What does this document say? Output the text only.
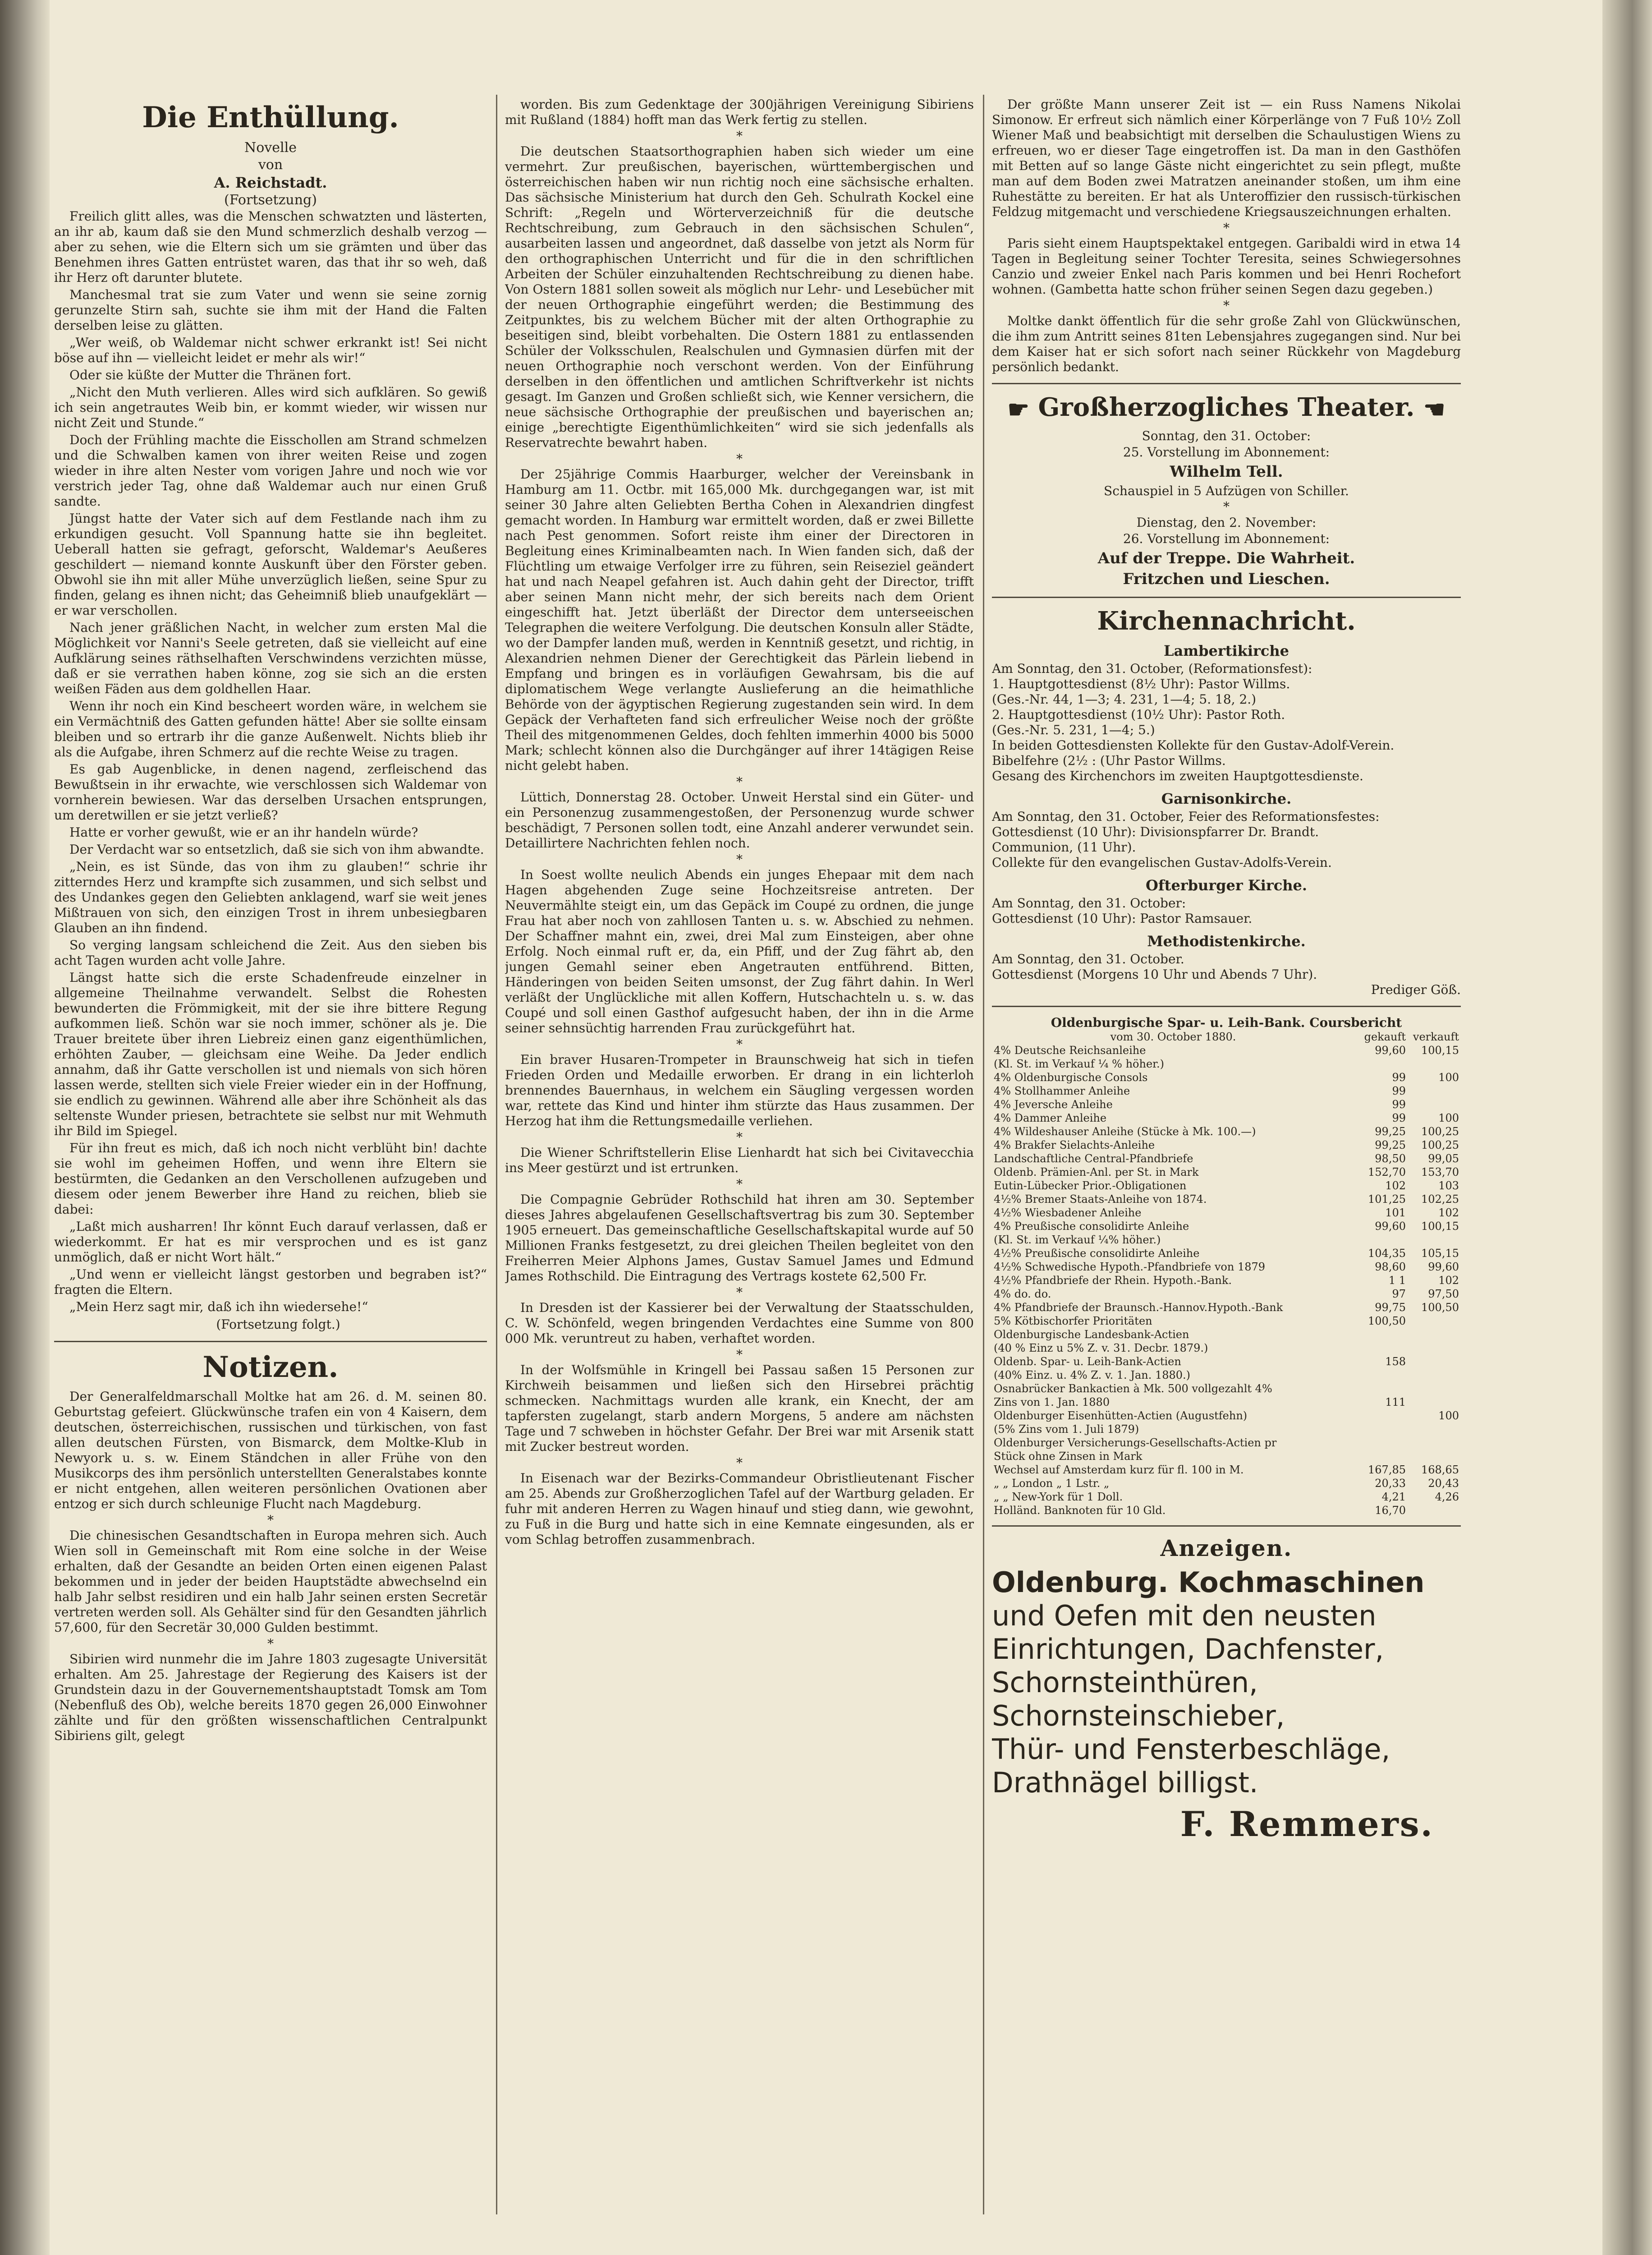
Die Enthüllung.
Novelle
von
A. Reichstadt.
(Fortsetzung)

Freilich glitt alles, was die Menschen schwatzten und lästerten, an ihr ab, kaum daß sie den Mund schmerzlich deshalb verzog — aber zu sehen, wie die Eltern sich um sie grämten und über das Benehmen ihres Gatten entrüstet waren, das that ihr so weh, daß ihr Herz oft darunter blutete.

Manchesmal trat sie zum Vater und wenn sie seine zornig gerunzelte Stirn sah, suchte sie ihm mit der Hand die Falten derselben leise zu glätten.

„Wer weiß, ob Waldemar nicht schwer erkrankt ist! Sei nicht böse auf ihn — vielleicht leidet er mehr als wir!“

Oder sie küßte der Mutter die Thränen fort.

„Nicht den Muth verlieren. Alles wird sich aufklären. So gewiß ich sein angetrautes Weib bin, er kommt wieder, wir wissen nur nicht Zeit und Stunde.“

Doch der Frühling machte die Eisschollen am Strand schmelzen und die Schwalben kamen von ihrer weiten Reise und zogen wieder in ihre alten Nester vom vorigen Jahre und noch wie vor verstrich jeder Tag, ohne daß Waldemar auch nur einen Gruß sandte.

Jüngst hatte der Vater sich auf dem Festlande nach ihm zu erkundigen gesucht. Voll Spannung hatte sie ihn begleitet. Ueberall hatten sie gefragt, geforscht, Waldemar's Aeußeres geschildert — niemand konnte Auskunft über den Förster geben. Obwohl sie ihn mit aller Mühe unverzüglich ließen, seine Spur zu finden, gelang es ihnen nicht; das Geheimniß blieb unaufgeklärt — er war verschollen.

Nach jener gräßlichen Nacht, in welcher zum ersten Mal die Möglichkeit vor Nanni's Seele getreten, daß sie vielleicht auf eine Aufklärung seines räthselhaften Verschwindens verzichten müsse, daß er sie verrathen haben könne, zog sie sich an die ersten weißen Fäden aus dem goldhellen Haar.

Wenn ihr noch ein Kind bescheert worden wäre, in welchem sie ein Vermächtniß des Gatten gefunden hätte! Aber sie sollte einsam bleiben und so ertrarb ihr die ganze Außenwelt. Nichts blieb ihr als die Aufgabe, ihren Schmerz auf die rechte Weise zu tragen.

Es gab Augenblicke, in denen nagend, zerfleischend das Bewußtsein in ihr erwachte, wie verschlossen sich Waldemar von vornherein bewiesen. War das derselben Ursachen entsprungen, um deretwillen er sie jetzt verließ?

Hatte er vorher gewußt, wie er an ihr handeln würde?

Der Verdacht war so entsetzlich, daß sie sich von ihm abwandte.

„Nein, es ist Sünde, das von ihm zu glauben!“ schrie ihr zitterndes Herz und krampfte sich zusammen, und sich selbst und des Undankes gegen den Geliebten anklagend, warf sie weit jenes Mißtrauen von sich, den einzigen Trost in ihrem unbesiegbaren Glauben an ihn findend.

So verging langsam schleichend die Zeit. Aus den sieben bis acht Tagen wurden acht volle Jahre.

Längst hatte sich die erste Schadenfreude einzelner in allgemeine Theilnahme verwandelt. Selbst die Rohesten bewunderten die Frömmigkeit, mit der sie ihre bittere Regung aufkommen ließ. Schön war sie noch immer, schöner als je. Die Trauer breitete über ihren Liebreiz einen ganz eigenthümlichen, erhöhten Zauber, — gleichsam eine Weihe. Da Jeder endlich annahm, daß ihr Gatte verschollen ist und niemals von sich hören lassen werde, stellten sich viele Freier wieder ein in der Hoffnung, sie endlich zu gewinnen. Während alle aber ihre Schönheit als das seltenste Wunder priesen, betrachtete sie selbst nur mit Wehmuth ihr Bild im Spiegel.

Für ihn freut es mich, daß ich noch nicht verblüht bin! dachte sie wohl im geheimen Hoffen, und wenn ihre Eltern sie bestürmten, die Gedanken an den Verschollenen aufzugeben und diesem oder jenem Bewerber ihre Hand zu reichen, blieb sie dabei:

„Laßt mich ausharren! Ihr könnt Euch darauf verlassen, daß er wiederkommt. Er hat es mir versprochen und es ist ganz unmöglich, daß er nicht Wort hält.“

„Und wenn er vielleicht längst gestorben und begraben ist?“ fragten die Eltern.

„Mein Herz sagt mir, daß ich ihn wiedersehe!“

(Fortsetzung folgt.)

Notizen.

Der Generalfeldmarschall Moltke hat am 26. d. M. seinen 80. Geburtstag gefeiert. Glückwünsche trafen ein von 4 Kaisern, dem deutschen, österreichischen, russischen und türkischen, von fast allen deutschen Fürsten, von Bismarck, dem Moltke-Klub in Newyork u. s. w. Einem Ständchen in aller Frühe von den Musikcorps des ihm persönlich unterstellten Generalstabes konnte er nicht entgehen, allen weiteren persönlichen Ovationen aber entzog er sich durch schleunige Flucht nach Magdeburg.

*

Die chinesischen Gesandtschaften in Europa mehren sich. Auch Wien soll in Gemeinschaft mit Rom eine solche in der Weise erhalten, daß der Gesandte an beiden Orten einen eigenen Palast bekommen und in jeder der beiden Hauptstädte abwechselnd ein halb Jahr selbst residiren und ein halb Jahr seinen ersten Secretär vertreten werden soll. Als Gehälter sind für den Gesandten jährlich 57,600, für den Secretär 30,000 Gulden bestimmt.

*

Sibirien wird nunmehr die im Jahre 1803 zugesagte Universität erhalten. Am 25. Jahrestage der Regierung des Kaisers ist der Grundstein dazu in der Gouvernementshauptstadt Tomsk am Tom (Nebenfluß des Ob), welche bereits 1870 gegen 26,000 Einwohner zählte und für den größten wissenschaftlichen Centralpunkt Sibiriens gilt, gelegt

worden. Bis zum Gedenktage der 300jährigen Vereinigung Sibiriens mit Rußland (1884) hofft man das Werk fertig zu stellen.

*

Die deutschen Staatsorthographien haben sich wieder um eine vermehrt. Zur preußischen, bayerischen, württembergischen und österreichischen haben wir nun richtig noch eine sächsische erhalten. Das sächsische Ministerium hat durch den Geh. Schulrath Kockel eine Schrift: „Regeln und Wörterverzeichniß für die deutsche Rechtschreibung, zum Gebrauch in den sächsischen Schulen“, ausarbeiten lassen und angeordnet, daß dasselbe von jetzt als Norm für den orthographischen Unterricht und für die in den schriftlichen Arbeiten der Schüler einzuhaltenden Rechtschreibung zu dienen habe. Von Ostern 1881 sollen soweit als möglich nur Lehr- und Lesebücher mit der neuen Orthographie eingeführt werden; die Bestimmung des Zeitpunktes, bis zu welchem Bücher mit der alten Orthographie zu beseitigen sind, bleibt vorbehalten. Die Ostern 1881 zu entlassenden Schüler der Volksschulen, Realschulen und Gymnasien dürfen mit der neuen Orthographie noch verschont werden. Von der Einführung derselben in den öffentlichen und amtlichen Schriftverkehr ist nichts gesagt. Im Ganzen und Großen schließt sich, wie Kenner versichern, die neue sächsische Orthographie der preußischen und bayerischen an; einige „berechtigte Eigenthümlichkeiten“ wird sie sich jedenfalls als Reservatrechte bewahrt haben.

*

Der 25jährige Commis Haarburger, welcher der Vereinsbank in Hamburg am 11. Octbr. mit 165,000 Mk. durchgegangen war, ist mit seiner 30 Jahre alten Geliebten Bertha Cohen in Alexandrien dingfest gemacht worden. In Hamburg war ermittelt worden, daß er zwei Billette nach Pest genommen. Sofort reiste ihm einer der Directoren in Begleitung eines Kriminalbeamten nach. In Wien fanden sich, daß der Flüchtling um etwaige Verfolger irre zu führen, sein Reiseziel geändert hat und nach Neapel gefahren ist. Auch dahin geht der Director, trifft aber seinen Mann nicht mehr, der sich bereits nach dem Orient eingeschifft hat. Jetzt überläßt der Director dem unterseeischen Telegraphen die weitere Verfolgung. Die deutschen Konsuln aller Städte, wo der Dampfer landen muß, werden in Kenntniß gesetzt, und richtig, in Alexandrien nehmen Diener der Gerechtigkeit das Pärlein liebend in Empfang und bringen es in vorläufigen Gewahrsam, bis die auf diplomatischem Wege verlangte Auslieferung an die heimathliche Behörde von der ägyptischen Regierung zugestanden sein wird. In dem Gepäck der Verhafteten fand sich erfreulicher Weise noch der größte Theil des mitgenommenen Geldes, doch fehlten immerhin 4000 bis 5000 Mark; schlecht können also die Durchgänger auf ihrer 14tägigen Reise nicht gelebt haben.

*

Lüttich, Donnerstag 28. October. Unweit Herstal sind ein Güter- und ein Personenzug zusammengestoßen, der Personenzug wurde schwer beschädigt, 7 Personen sollen todt, eine Anzahl anderer verwundet sein. Detaillirtere Nachrichten fehlen noch.

*

In Soest wollte neulich Abends ein junges Ehepaar mit dem nach Hagen abgehenden Zuge seine Hochzeitsreise antreten. Der Neuvermählte steigt ein, um das Gepäck im Coupé zu ordnen, die junge Frau hat aber noch von zahllosen Tanten u. s. w. Abschied zu nehmen. Der Schaffner mahnt ein, zwei, drei Mal zum Einsteigen, aber ohne Erfolg. Noch einmal ruft er, da, ein Pfiff, und der Zug fährt ab, den jungen Gemahl seiner eben Angetrauten entführend. Bitten, Händeringen von beiden Seiten umsonst, der Zug fährt dahin. In Werl verläßt der Unglückliche mit allen Koffern, Hutschachteln u. s. w. das Coupé und soll einen Gasthof aufgesucht haben, der ihn in die Arme seiner sehnsüchtig harrenden Frau zurückgeführt hat.

*

Ein braver Husaren-Trompeter in Braunschweig hat sich in tiefen Frieden Orden und Medaille erworben. Er drang in ein lichterloh brennendes Bauernhaus, in welchem ein Säugling vergessen worden war, rettete das Kind und hinter ihm stürzte das Haus zusammen. Der Herzog hat ihm die Rettungsmedaille verliehen.

*

Die Wiener Schriftstellerin Elise Lienhardt hat sich bei Civitavecchia ins Meer gestürzt und ist ertrunken.

*

Die Compagnie Gebrüder Rothschild hat ihren am 30. September dieses Jahres abgelaufenen Gesellschaftsvertrag bis zum 30. September 1905 erneuert. Das gemeinschaftliche Gesellschaftskapital wurde auf 50 Millionen Franks festgesetzt, zu drei gleichen Theilen begleitet von den Freiherren Meier Alphons James, Gustav Samuel James und Edmund James Rothschild. Die Eintragung des Vertrags kostete 62,500 Fr.

*

In Dresden ist der Kassierer bei der Verwaltung der Staatsschulden, C. W. Schönfeld, wegen bringenden Verdachtes eine Summe von 800 000 Mk. veruntreut zu haben, verhaftet worden.

*

In der Wolfsmühle in Kringell bei Passau saßen 15 Personen zur Kirchweih beisammen und ließen sich den Hirsebrei prächtig schmecken. Nachmittags wurden alle krank, ein Knecht, der am tapfersten zugelangt, starb andern Morgens, 5 andere am nächsten Tage und 7 schweben in höchster Gefahr. Der Brei war mit Arsenik statt mit Zucker bestreut worden.

*

In Eisenach war der Bezirks-Commandeur Obristlieutenant Fischer am 25. Abends zur Großherzoglichen Tafel auf der Wartburg geladen. Er fuhr mit anderen Herren zu Wagen hinauf und stieg dann, wie gewohnt, zu Fuß in die Burg und hatte sich in eine Kemnate eingesunden, als er vom Schlag betroffen zusammenbrach.

Der größte Mann unserer Zeit ist — ein Russ Namens Nikolai Simonow. Er erfreut sich nämlich einer Körperlänge von 7 Fuß 10½ Zoll Wiener Maß und beabsichtigt mit derselben die Schaulustigen Wiens zu erfreuen, wo er dieser Tage eingetroffen ist. Da man in den Gasthöfen mit Betten auf so lange Gäste nicht eingerichtet zu sein pflegt, mußte man auf dem Boden zwei Matratzen aneinander stoßen, um ihm eine Ruhestätte zu bereiten. Er hat als Unteroffizier den russisch-türkischen Feldzug mitgemacht und verschiedene Kriegsauszeichnungen erhalten.

*

Paris sieht einem Hauptspektakel entgegen. Garibaldi wird in etwa 14 Tagen in Begleitung seiner Tochter Teresita, seines Schwiegersohnes Canzio und zweier Enkel nach Paris kommen und bei Henri Rochefort wohnen. (Gambetta hatte schon früher seinen Segen dazu gegeben.)

*

Moltke dankt öffentlich für die sehr große Zahl von Glückwünschen, die ihm zum Antritt seines 81ten Lebensjahres zugegangen sind. Nur bei dem Kaiser hat er sich sofort nach seiner Rückkehr von Magdeburg persönlich bedankt.

☛ Großherzogliches Theater. ☚
Sonntag, den 31. October:
25. Vorstellung im Abonnement:
Wilhelm Tell.
Schauspiel in 5 Aufzügen von Schiller.
*
Dienstag, den 2. November:
26. Vorstellung im Abonnement:
Auf der Treppe. Die Wahrheit.
Fritzchen und Lieschen.
Kirchennachricht.
Lambertikirche
Am Sonntag, den 31. October, (Reformationsfest):
1. Hauptgottesdienst (8½ Uhr): Pastor Willms.
(Ges.-Nr. 44, 1—3; 4. 231, 1—4; 5. 18, 2.)
2. Hauptgottesdienst (10½ Uhr): Pastor Roth.
(Ges.-Nr. 5. 231, 1—4; 5.)
In beiden Gottesdiensten Kollekte für den Gustav-Adolf-Verein.
Bibelfehre (2½ : (Uhr Pastor Willms.
Gesang des Kirchenchors im zweiten Hauptgottesdienste.
Garnisonkirche.
Am Sonntag, den 31. October, Feier des Reformationsfestes:
Gottesdienst (10 Uhr): Divisionspfarrer Dr. Brandt.
Communion, (11 Uhr).
Collekte für den evangelischen Gustav-Adolfs-Verein.
Ofterburger Kirche.
Am Sonntag, den 31. October:
Gottesdienst (10 Uhr): Pastor Ramsauer.
Methodistenkirche.
Am Sonntag, den 31. October.
Gottesdienst (Morgens 10 Uhr und Abends 7 Uhr).
Prediger Göß.
Oldenburgische Spar- u. Leih-Bank. Coursbericht
vom 30. October 1880.	gekauft	verkauft
4% Deutsche Reichsanleihe	99,60	100,15
(Kl. St. im Verkauf ¼ % höher.)		
4% Oldenburgische Consols	99	100
4% Stollhammer Anleihe	99	
4% Jeversche Anleihe	99	
4% Dammer Anleihe	99	100
4% Wildeshauser Anleihe (Stücke à Mk. 100.—)	99,25	100,25
4% Brakfer Sielachts-Anleihe	99,25	100,25
Landschaftliche Central-Pfandbriefe	98,50	99,05
Oldenb. Prämien-Anl. per St. in Mark	152,70	153,70
Eutin-Lübecker Prior.-Obligationen	102	103
4½% Bremer Staats-Anleihe von 1874.	101,25	102,25
4½% Wiesbadener Anleihe	101	102
4% Preußische consolidirte Anleihe	99,60	100,15
(Kl. St. im Verkauf ¼% höher.)		
4½% Preußische consolidirte Anleihe	104,35	105,15
4½% Schwedische Hypoth.-Pfandbriefe von 1879	98,60	99,60
4½% Pfandbriefe der Rhein. Hypoth.-Bank.	1 1	102
4% do. do.	97	97,50
4% Pfandbriefe der Braunsch.-Hannov.Hypoth.-Bank	99,75	100,50
5% Kötbischorfer Prioritäten	100,50	
Oldenburgische Landesbank-Actien		
(40 % Einz u 5% Z. v. 31. Decbr. 1879.)		
Oldenb. Spar- u. Leih-Bank-Actien	158	
(40% Einz. u. 4% Z. v. 1. Jan. 1880.)		
Osnabrücker Bankactien à Mk. 500 vollgezahlt 4%		
Zins von 1. Jan. 1880	111	
Oldenburger Eisenhütten-Actien (Augustfehn)		100
(5% Zins vom 1. Juli 1879)		
Oldenburger Versicherungs-Gesellschafts-Actien pr		
Stück ohne Zinsen in Mark		
Wechsel auf Amsterdam kurz für fl. 100 in M.	167,85	168,65
„ „ London „ 1 Lstr. „	20,33	20,43
„ „ New-York für 1 Doll.	4,21	4,26
Holländ. Banknoten für 10 Gld.	16,70	
Anzeigen.
Oldenburg. Kochmaschinen
und Oefen mit den neusten Einrichtungen, Dachfenster, Schornsteinthüren, Schornsteinschieber,
Thür- und Fensterbeschläge,
Drathnägel billigst.
F. Remmers.
